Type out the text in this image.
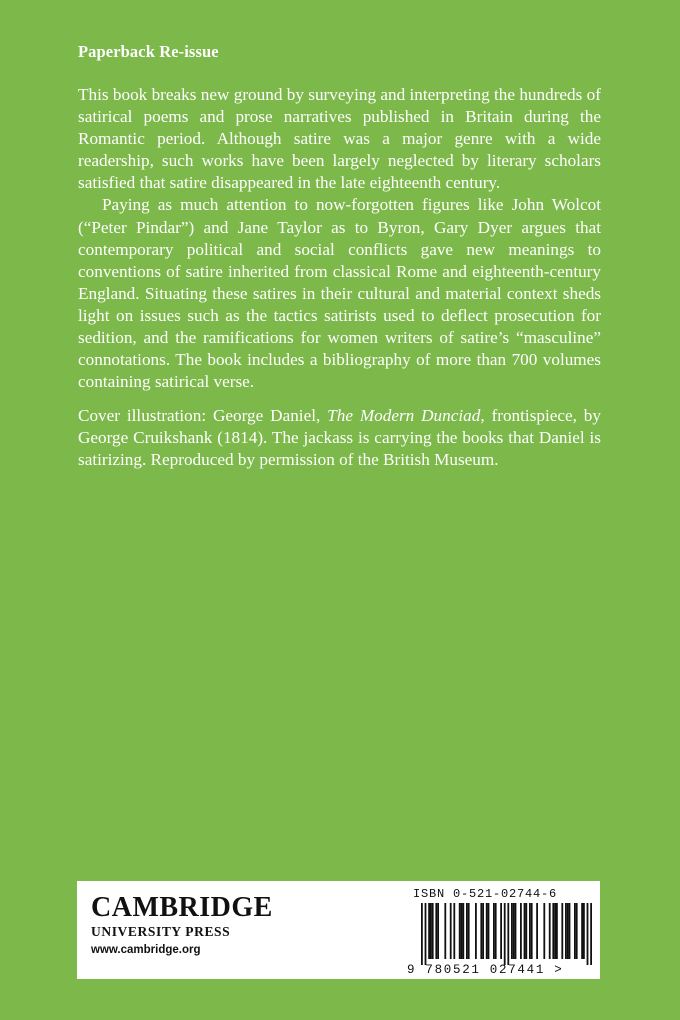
Paperback Re-issue

This book breaks new ground by surveying and interpreting the hundreds of satirical poems and prose narratives published in Britain during the Romantic period. Although satire was a major genre with a wide readership, such works have been largely neglected by literary scholars satisfied that satire disappeared in the late eighteenth century.

Paying as much attention to now-forgotten figures like John Wolcot (“Peter Pindar”) and Jane Taylor as to Byron, Gary Dyer argues that contemporary political and social conflicts gave new meanings to conventions of satire inherited from classical Rome and eighteenth-century England. Situating these satires in their cultural and material context sheds light on issues such as the tactics satirists used to deflect prosecution for sedition, and the ramifications for women writers of satire’s “masculine” connotations. The book includes a bibliography of more than 700 volumes containing satirical verse.

Cover illustration: George Daniel, The Modern Dunciad, frontispiece, by George Cruikshank (1814). The jackass is carrying the books that Daniel is satirizing. Reproduced by permission of the British Museum.
CAMBRIDGE
UNIVERSITY PRESS
www.cambridge.org
ISBN 0-521-02744-6
9 780521 027441 >
